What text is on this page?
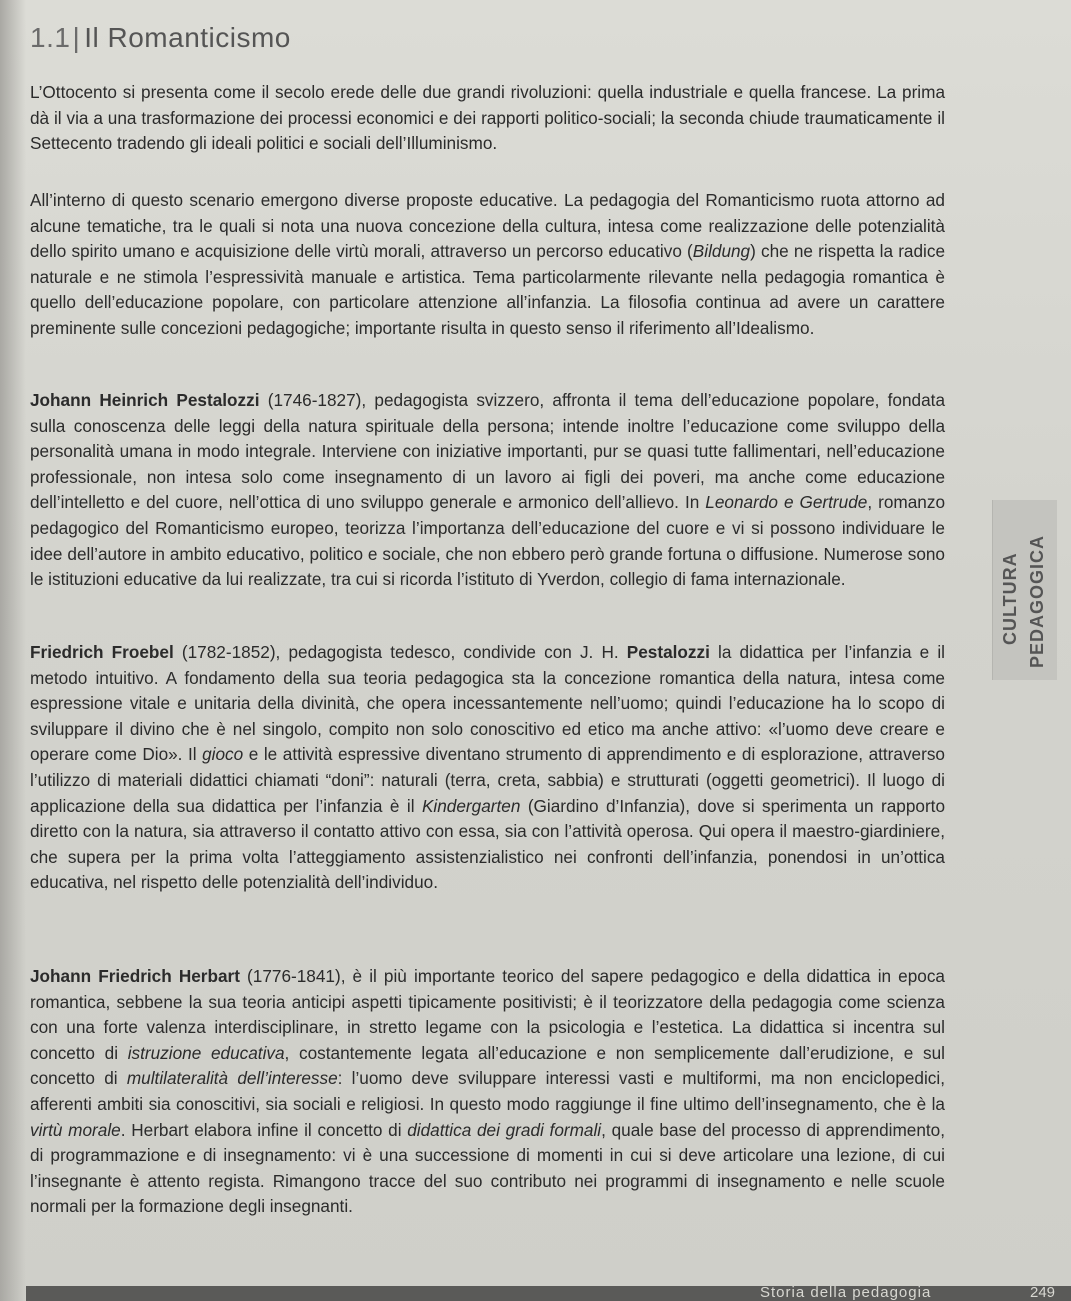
1.1| Il Romanticismo

L’Ottocento si presenta come il secolo erede delle due grandi rivoluzioni: quella industriale e quella francese. La prima dà il via a una trasformazione dei processi economici e dei rapporti politico-sociali; la seconda chiude traumaticamente il Settecento tradendo gli ideali politici e sociali dell’Illuminismo.

All’interno di questo scenario emergono diverse proposte educative. La pedagogia del Romanticismo ruota attorno ad alcune tematiche, tra le quali si nota una nuova concezione della cultura, intesa come realizzazione delle potenzialità dello spirito umano e acquisizione delle virtù morali, attraverso un percorso educativo (Bildung) che ne rispetta la radice naturale e ne stimola l’espressività manuale e artistica. Tema particolarmente rilevante nella pedagogia romantica è quello dell’educazione popolare, con particolare attenzione all’infanzia. La filosofia continua ad avere un carattere preminente sulle concezioni pedagogiche; importante risulta in questo senso il riferimento all’Idealismo.

Johann Heinrich Pestalozzi (1746-1827), pedagogista svizzero, affronta il tema dell’educazione popolare, fondata sulla conoscenza delle leggi della natura spirituale della persona; intende inoltre l’educazione come sviluppo della personalità umana in modo integrale. Interviene con iniziative importanti, pur se quasi tutte fallimentari, nell’educazione professionale, non intesa solo come insegnamento di un lavoro ai figli dei poveri, ma anche come educazione dell’intelletto e del cuore, nell’ottica di uno sviluppo generale e armonico dell’allievo. In Leonardo e Gertrude, romanzo pedagogico del Romanticismo europeo, teorizza l’importanza dell’educazione del cuore e vi si possono individuare le idee dell’autore in ambito educativo, politico e sociale, che non ebbero però grande fortuna o diffusione. Numerose sono le istituzioni educative da lui realizzate, tra cui si ricorda l’istituto di Yverdon, collegio di fama internazionale.

Friedrich Froebel (1782-1852), pedagogista tedesco, condivide con J. H. Pestalozzi la didattica per l’infanzia e il metodo intuitivo. A fondamento della sua teoria pedagogica sta la concezione romantica della natura, intesa come espressione vitale e unitaria della divinità, che opera incessantemente nell’uomo; quindi l’educazione ha lo scopo di sviluppare il divino che è nel singolo, compito non solo conoscitivo ed etico ma anche attivo: «l’uomo deve creare e operare come Dio». Il gioco e le attività espressive diventano strumento di apprendimento e di esplorazione, attraverso l’utilizzo di materiali didattici chiamati “doni”: naturali (terra, creta, sabbia) e strutturati (oggetti geometrici). Il luogo di applicazione della sua didattica per l’infanzia è il Kindergarten (Giardino d’Infanzia), dove si sperimenta un rapporto diretto con la natura, sia attraverso il contatto attivo con essa, sia con l’attività operosa. Qui opera il maestro-giardiniere, che supera per la prima volta l’atteggiamento assistenzialistico nei confronti dell’infanzia, ponendosi in un’ottica educativa, nel rispetto delle potenzialità dell’individuo.

Johann Friedrich Herbart (1776-1841), è il più importante teorico del sapere pedagogico e della didattica in epoca romantica, sebbene la sua teoria anticipi aspetti tipicamente positivisti; è il teorizzatore della pedagogia come scienza con una forte valenza interdisciplinare, in stretto legame con la psicologia e l’estetica. La didattica si incentra sul concetto di istruzione educativa, costantemente legata all’educazione e non semplicemente dall’erudizione, e sul concetto di multilateralità dell’interesse: l’uomo deve sviluppare interessi vasti e multiformi, ma non enciclopedici, afferenti ambiti sia conoscitivi, sia sociali e religiosi. In questo modo raggiunge il fine ultimo dell’insegnamento, che è la virtù morale. Herbart elabora infine il concetto di didattica dei gradi formali, quale base del processo di apprendimento, di programmazione e di insegnamento: vi è una successione di momenti in cui si deve articolare una lezione, di cui l’insegnante è attento regista. Rimangono tracce del suo contributo nei programmi di insegnamento e nelle scuole normali per la formazione degli insegnanti.

CULTURA PEDAGOGICA
Storia della pedagogia	249
